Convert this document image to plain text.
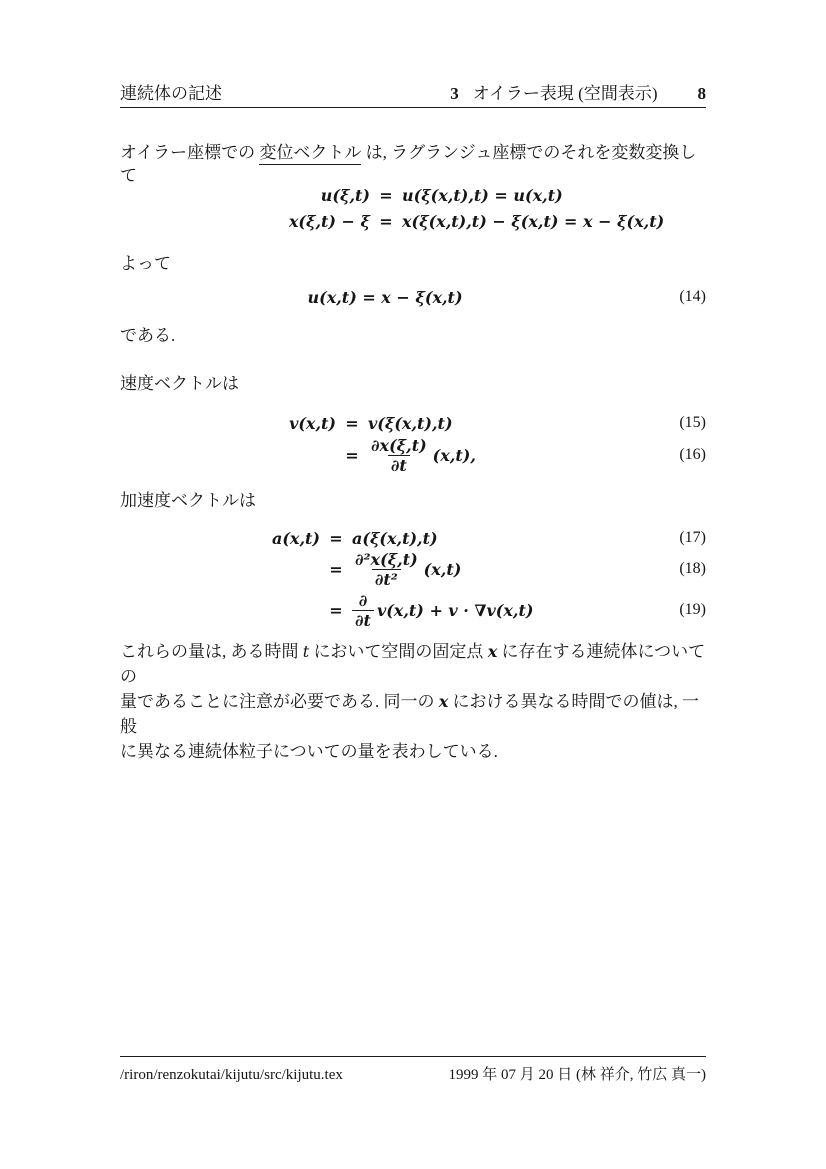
連続体の記述	3 オイラー表現 (空間表示) 8

オイラー座標での 変位ベクトル は, ラグランジュ座標でのそれを変数変換して

u(ξ,t) = u(ξ(x,t),t) = u(x,t)
x(ξ,t) − ξ = x(ξ(x,t),t) − ξ(x,t) = x − ξ(x,t)

よって

u(x,t) = x − ξ(x,t)	(14)

である.

速度ベクトルは

v(x,t) = v(ξ(x,t),t)	(15)
= $\frac{\partial x(\xi,t)}{\partial t} (x,t)$,	(16)

加速度ベクトルは

a(x,t) = a(ξ(x,t),t)	(17)
= $\frac{\text{∂²x(ξ,t)}}{\text{∂t²}} (x,t)$	(18)
= $\frac{\partial}{\partial t} v(x,t) + v \cdot \nabla v(x,t)$	(19)
これらの量は, ある時間 t において空間の固定点 x に存在する連続体についての
量であることに注意が必要である. 同一の x における異なる時間での値は, 一般
に異なる連続体粒子についての量を表わしている.
/riron/renzokutai/kijutu/src/kijutu.tex	1999 年 07 月 20 日 (林 祥介, 竹広 真一)
